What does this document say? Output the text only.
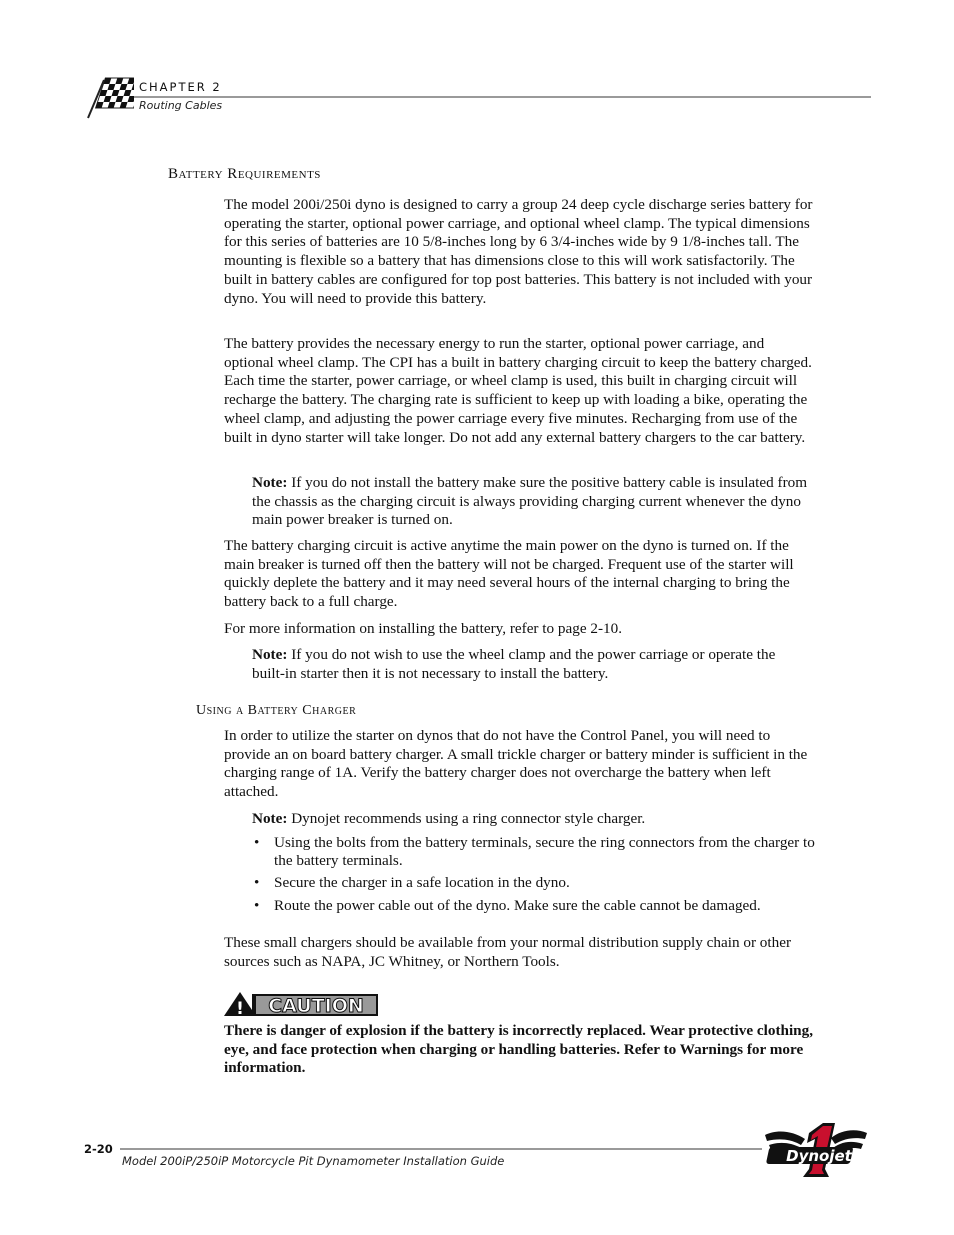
CHAPTER 2
Routing Cables
Battery Requirements

The model 200i/250i dyno is designed to carry a group 24 deep cycle discharge series battery for operating the starter, optional power carriage, and optional wheel clamp. The typical dimensions for this series of batteries are 10 5/8-inches long by 6 3/4-inches wide by 9 1/8-inches tall. The mounting is flexible so a battery that has dimensions close to this will work satisfactorily. The built in battery cables are configured for top post batteries. This battery is not included with your dyno. You will need to provide this battery.

The battery provides the necessary energy to run the starter, optional power carriage, and optional wheel clamp. The CPI has a built in battery charging circuit to keep the battery charged. Each time the starter, power carriage, or wheel clamp is used, this built in charging circuit will recharge the battery. The charging rate is sufficient to keep up with loading a bike, operating the wheel clamp, and adjusting the power carriage every five minutes. Recharging from use of the built in dyno starter will take longer. Do not add any external battery chargers to the car battery.

Note: If you do not install the battery make sure the positive battery cable is insulated from the chassis as the charging circuit is always providing charging current whenever the dyno main power breaker is turned on.

The battery charging circuit is active anytime the main power on the dyno is turned on. If the main breaker is turned off then the battery will not be charged. Frequent use of the starter will quickly deplete the battery and it may need several hours of the internal charging to bring the battery back to a full charge.

For more information on installing the battery, refer to page 2-10.

Note: If you do not wish to use the wheel clamp and the power carriage or operate the built-in starter then it is not necessary to install the battery.

Using a Battery Charger

In order to utilize the starter on dynos that do not have the Control Panel, you will need to provide an on board battery charger. A small trickle charger or battery minder is sufficient in the charging range of 1A. Verify the battery charger does not overcharge the battery when left attached.

Note: Dynojet recommends using a ring connector style charger.

• Using the bolts from the battery terminals, secure the ring connectors from the charger to the battery terminals.
• Secure the charger in a safe location in the dyno.
• Route the power cable out of the dyno. Make sure the cable cannot be damaged.

These small chargers should be available from your normal distribution supply chain or other sources such as NAPA, JC Whitney, or Northern Tools.

! CAUTION

There is danger of explosion if the battery is incorrectly replaced. Wear protective clothing, eye, and face protection when charging or handling batteries. Refer to Warnings for more information.

2-20
Model 200iP/250iP Motorcycle Pit Dynamometer Installation Guide	Dynojet
